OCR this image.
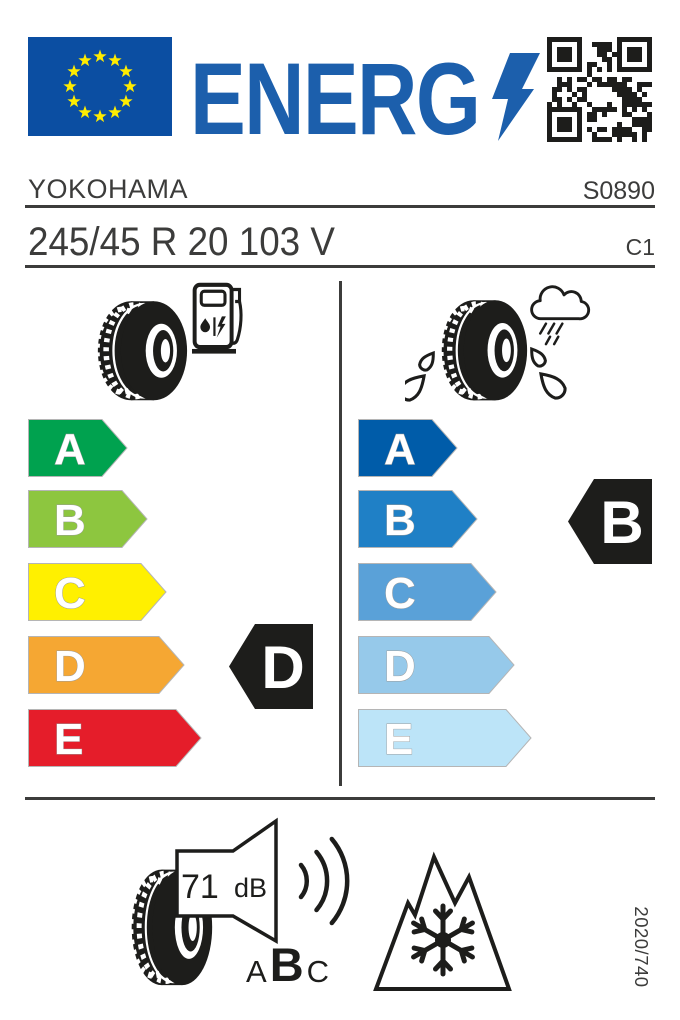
ENERG
YOKOHAMA	S0890
245/45 R 20 103 V	C1
A
B
C
D
E
A
B
C
D
E
D
B
71 dB
A B C	2020/740
